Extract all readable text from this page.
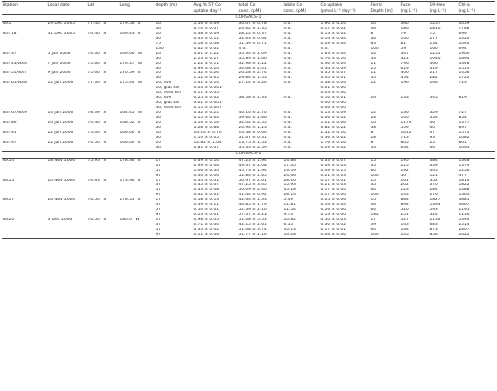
Station	Local date	Lat	Long	depth (m)	Avg.% 57 Co	total Co	labile Co	Co uptake	Ferric	Fuco	19-Hex	Chl-a
					uptake day⁻¹	conc. (pM)	conc. (pM)	(pmol L⁻¹ day⁻¹)	Depth [m]	(ng L⁻¹)	(ng L⁻¹)	(ng L⁻¹)
CORSACS-1												
NX1	29 Dec 2005	77.40° S	179.56° E	10	5.56 ± 0.69	34.07 ± 0.78	n.d.	1.90 ± 0.24	10	360	1257	3459
				30	0.70 ± 0.07	24.62 ± 1.35	n.d.	0.17 ± 0.02	36	186	2810	7788
Stn 18	31 Dec 2005	76.40° S	169.43° E	10	0.48 ± 0.09	28.22 ± 0.37	n.d.	0.13 ± 0.02	8	79	75	699
				40	0.43 ± 0.11	32.63 ± 0.64	n.d.	0.14 ± 0.04	36	140	277	1426
				75	0.18 ± 0.08	51.39 ± 0.71	n.d.	0.09 ± 0.04	83	81	234	1044
				130	0.02 ± 0.01	n.d.	n.d.	n.d.	100	59	160	694
Stn 37	5 Jan 2006	76.30° S	169.60° W	10	4.61 ± 1.22	35.34 ± 2.09	n.d.	1.63 ± 0.44	10	347	1255	1900
				30	2.13 ± 0.27	35.89 ± 1.60	n.d.	0.76 ± 0.10	33	321	1040	1894
Stn 43/NX6	7 Jan 2006	75.60° S	176.37° W	10	1.22 ± 0.11	32.98 ± 1.22	n.d.	0.40 ± 0.04	11	796	466	3348
				30	0.99 ± 0.24	34.68 ± 2.41	n.d.	0.34 ± 0.09	25	619	419	2514
Stn 51/NX7	9 Jan 2006	75.60° S	170.59° E	10	1.32 ± 0.26	26.28 ± 2.74	n.d.	0.35 ± 0.07	11	406	217	1458
				30	1.52 ± 0.05	29.86 ± 1.53	n.d.	0.45 ± 0.01	35	454	282	1722
Stn 61/NX8	12 Jan 2006	77.30° S	175.44° W	10, live	1.41 ± 0.14	27.14 ± 3.26	n.d.	0.38 ± 0.04	12	196	266	723
				10, glut kill	0.03 ± 0.001*			0.01 ± 0.00				
				10, heat kill	0.11 ± 0.05*			0.03 ± 0.00				
				30, live	0.25 ± 0.02	38.58 ± 1.33	n.d.	0.10 ± 0.01	26	133	345	819
				30, glut kill	0.01 ± 0.001*			0.00 ± 0.00				
				30, heat kill	0.15 ± 0.007*			0.06 ± 0.00				
Stn 67/NX9	14 Jan 2006	78.39° S	164.45° W	10	0.32 ± 0.21	40.10 ± 2.70	n.d.	0.13 ± 0.09	12	136	329	727
				30	0.15 ± 0.04	39.60 ± 2.66	n.d.	0.06 ± 0.02	26	100	354	854
Stn 86	20 Jan 2006	74.40° S	168.52° E	10	3.16 ± 0.16	32.02 ± 2.55	n.d.	1.01 ± 0.06	10	1174	46	1377
				30	3.28 ± 0.88	24.94 ± 1.23	n.d.	0.82 ± 0.22	38	559	60	897
Stn 95	22 Jan 2006	75.00° S	166.00° E	10	16.14 ± 0.70	14.38 ± 0.60	n.d.	2.32 ± 0.10	8	1612	37	1572
				30	1.14 ± 0.05	31.67 ± 0.31	n.d.	0.36 ± 0.02	28	713	93	1082
Stn 97	22 Jan 2006	74.50° S	166.00° E	10	12.82 ± 1.04	13.75 ± 1.53	n.d.	1.76 ± 0.16	8	805	25	861
				30	0.81 ± 0.07	35.33 ± 2.59	n.d.	0.29 ± 0.02	33	634	66	1093
CORSACS-2												
NX14	18 Nov 2006	75.93° S	178.36° E	17	0.69 ± 0.14	47.23 ± 1.94	14.88	0.33 ± 0.07	15	195	484	1348
				37	0.99 ± 0.06	49.47 ± 2.08	17.45	0.49 ± 0.03	35	215	439	1379
				57	1.06 ± 0.34	45.73 ± 1.94	19.59	0.49 ± 0.15	60	192	445	1256
				97	0.40 ± 0.06	52.86 ± 1.65	24.66	0.21 ± 0.03	100	50	121	477
NX15	20 Nov 2006	76.93° S	173.96° E	17	0.34 ± 0.01	50.97 ± 2.61	28.16	0.17 ± 0.01	15	161	352	1816
				37	0.45 ± 0.07	47.25 ± 3.45	15.93	0.21 ± 0.03	35	202	370	1822
				57	0.33 ± 0.08	50.09 ± 2.40	45.18	0.17 ± 0.04	60	123	284	1488
				97	0.42 ± 0.01	41.44 ± 0.92	28.14	0.17 ± 0.00	100	143	276	1363
NX17	26 Nov 2006	76.50° S	178.55° E	17	0.58 ± 0.13	42.64 ± 1.33	5.49	0.25 ± 0.06	15	884	1827	3881
				37	0.39 ± 0.11	40.85 ± 1.79	11.81	0.16 ± 0.04	36	894	1394	3667
				57	0.50 ± 0.01	52.39 ± 2.10	11.54	0.26 ± 0.00	60	520	593	2195
				97	0.23 ± 0.01	57.37 ± 3.23	9.73	0.13 ± 0.00	182	251	324	1130
NX20	3 Dec 2006	76.50° S	180.0° W	17	0.98 ± 0.05*	51.08 ± 5.53	10.82	0.50 ± 0.03	17	527	2134	5394
				37	0.71 ± 0.04*	42.15 ± 2.61	6.55	0.30 ± 0.02	39	143	683	2514
				57	0.33 ± 0.02*	51.08 ± 3.74	10.13	0.17 ± 0.01	60	164	873	2807
				97	0.11 ± 0.06*	51.77 ± 2.16	16.28	0.06 ± 0.00	100	145	856	2422
